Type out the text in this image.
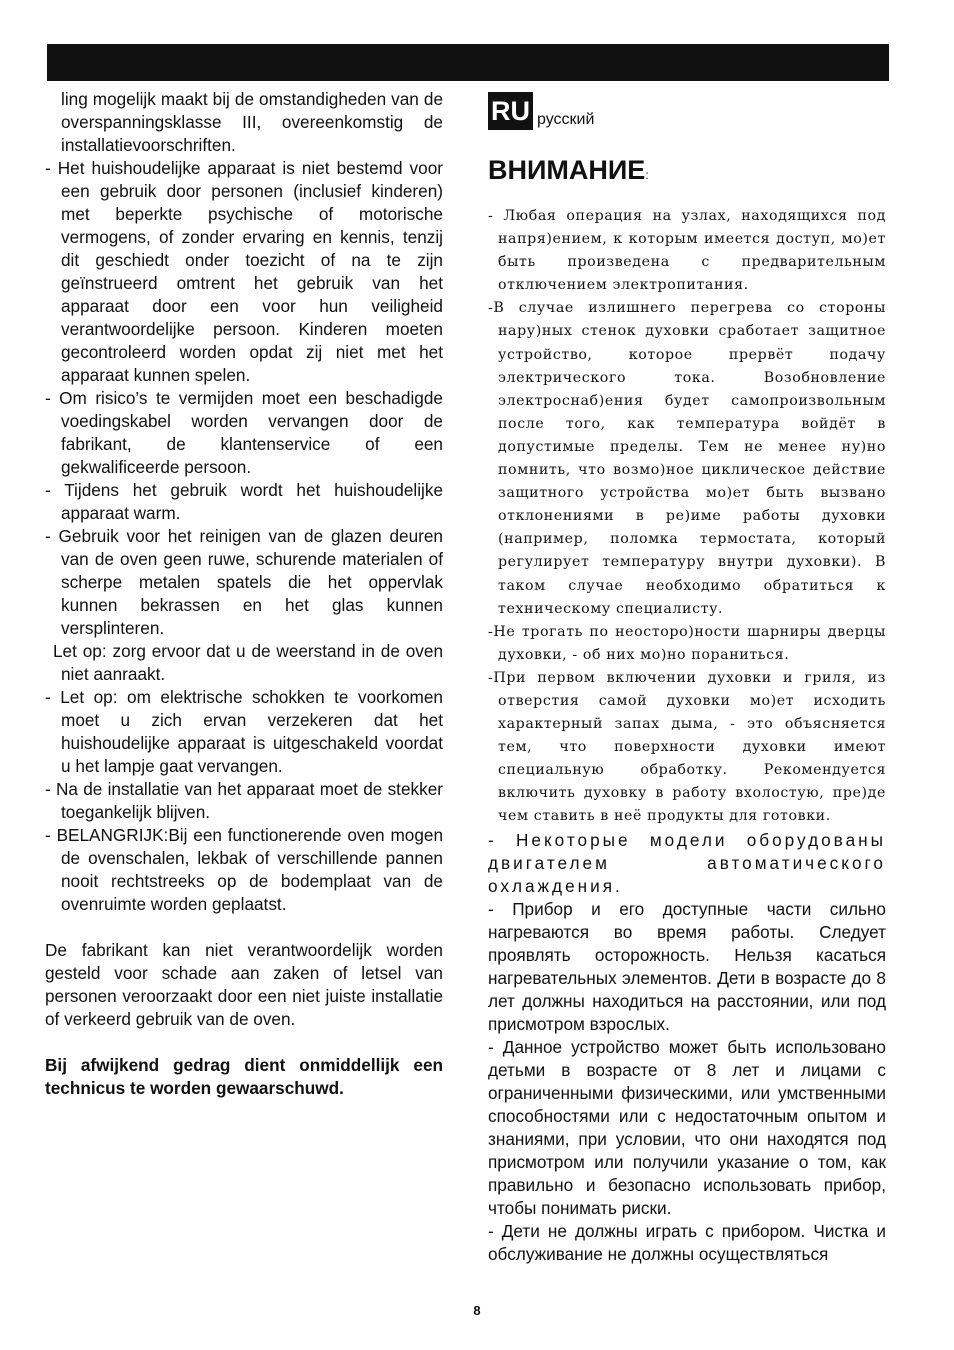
ling mogelijk maakt bij de omstandigheden van de overspanningsklasse III, overeenkomstig de installatievoorschriften.

- Het huishoudelijke apparaat is niet bestemd voor een gebruik door personen (inclusief kinderen) met beperkte psychische of motorische vermogens, of zonder ervaring en kennis, tenzij dit geschiedt onder toezicht of na te zijn geïnstrueerd omtrent het gebruik van het apparaat door een voor hun veiligheid verantwoordelijke persoon. Kinderen moeten gecontroleerd worden opdat zij niet met het apparaat kunnen spelen.

- Om risico’s te vermijden moet een beschadigde voedingskabel worden vervangen door de fabrikant, de klantenservice of een gekwalificeerde persoon.

- Tijdens het gebruik wordt het huishoudelijke apparaat warm.

- Gebruik voor het reinigen van de glazen deuren van de oven geen ruwe, schurende materialen of scherpe metalen spatels die het oppervlak kunnen bekrassen en het glas kunnen versplinteren.

Let op: zorg ervoor dat u de weerstand in de oven niet aanraakt.

- Let op: om elektrische schokken te voorkomen moet u zich ervan verzekeren dat het huishoudelijke apparaat is uitgeschakeld voordat u het lampje gaat vervangen.

- Na de installatie van het apparaat moet de stekker toegankelijk blijven.

- BELANGRIJK:Bij een functionerende oven mogen de ovenschalen, lekbak of verschillende pannen nooit rechtstreeks op de bodemplaat van de ovenruimte worden geplaatst.

De fabrikant kan niet verantwoordelijk worden gesteld voor schade aan zaken of letsel van personen veroorzaakt door een niet juiste installatie of verkeerd gebruik van de oven.

Bij afwijkend gedrag dient onmiddellijk een technicus te worden gewaarschuwd.

RU русский
ВНИМАНИЕ:

- Любая операция на узлах, находящихся под напря)ением, к которым имеется доступ, мо)ет быть произведена с предварительным отключением электропитания.

-В случае излишнего перегрева со стороны нару)ных стенок духовки сработает защитное устройство, которое прервёт подачу электрического тока. Возобновление электроснаб)ения будет самопроизвольным после того, как температура войдёт в допустимые пределы. Тем не менее ну)но помнить, что возмо)ное циклическое действие защитного устройства мо)ет быть вызвано отклонениями в ре)име работы духовки (например, поломка термостата, который регулирует температуру внутри духовки). В таком случае необходимо обратиться к техническому специалисту.

-Не трогать по неосторо)ности шарниры дверцы духовки, - об них мо)но пораниться.

-При первом включении духовки и гриля, из отверстия самой духовки мо)ет исходить характерный запах дыма, - это объясняется тем, что поверхности духовки имеют специальную обработку. Рекомендуется включить духовку в работу вхолостую, пре)де чем ставить в неё продукты для готовки.

- Некоторые модели оборудованы двигателем автоматического охлаждения.

- Прибор и его доступные части сильно нагреваются во время работы. Следует проявлять осторожность. Нельзя касаться нагревательных элементов. Дети в возрасте до 8 лет должны находиться на расстоянии, или под присмотром взрослых.

- Данное устройство может быть использовано детьми в возрасте от 8 лет и лицами с ограниченными физическими, или умственными способностями или с недостаточным опытом и знаниями, при условии, что они находятся под присмотром или получили указание о том, как правильно и безопасно использовать прибор, чтобы понимать риски.

- Дети не должны играть с прибором. Чистка и обслуживание не должны осуществляться

8
